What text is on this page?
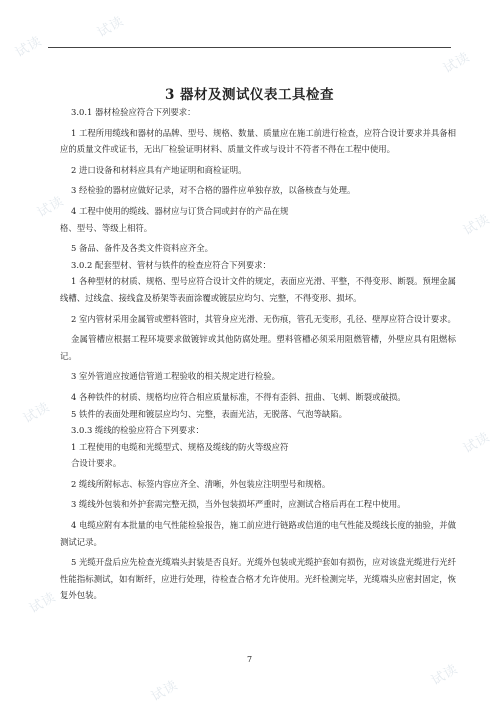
试读
试读
试读
试读
试读
试读
试读
试读
试读
试读
3 器材及测试仪表工具检查

3.0.1 器材检验应符合下列要求：

1 工程所用缆线和器材的品牌、型号、规格、数量、质量应在施工前进行检查，应符合设计要求并具备相应的质量文件或证书，无出厂检验证明材料、质量文件或与设计不符者不得在工程中使用。

2 进口设备和材料应具有产地证明和商检证明。

3 经检验的器材应做好记录，对不合格的器件应单独存放，以备核查与处理。

4 工程中使用的缆线、器材应与订货合同或封存的产品在规

格、型号、等级上相符。

5 备品、备件及各类文件资料应齐全。

3.0.2 配套型材、管材与铁件的检查应符合下列要求：

1 各种型材的材质、规格、型号应符合设计文件的规定，表面应光滑、平整，不得变形、断裂。预埋金属线槽、过线盒、接线盒及桥架等表面涂覆或镀层应均匀、完整，不得变形、损坏。

2 室内管材采用金属管或塑料管时，其管身应光滑、无伤痕，管孔无变形，孔径、壁厚应符合设计要求。

金属管槽应根据工程环境要求做镀锌或其他防腐处理。塑料管槽必须采用阻燃管槽，外壁应具有阻燃标记。

3 室外管道应按通信管道工程验收的相关规定进行检验。

4 各种铁件的材质、规格均应符合相应质量标准，不得有歪斜、扭曲、飞刺、断裂或破损。

5 铁件的表面处理和镀层应均匀、完整，表面光洁，无脱落、气泡等缺陷。

3.0.3 缆线的检验应符合下列要求：

1 工程使用的电缆和光缆型式、规格及缆线的防火等级应符

合设计要求。

2 缆线所附标志、标签内容应齐全、清晰，外包装应注明型号和规格。

3 缆线外包装和外护套需完整无损，当外包装损坏严重时，应测试合格后再在工程中使用。

4 电缆应附有本批量的电气性能检验报告，施工前应进行链路或信道的电气性能及缆线长度的抽验，并做测试记录。

5 光缆开盘后应先检查光缆端头封装是否良好。光缆外包装或光缆护套如有损伤，应对该盘光缆进行光纤性能指标测试，如有断纤，应进行处理，待检查合格才允许使用。光纤检测完毕，光缆端头应密封固定，恢复外包装。

7
